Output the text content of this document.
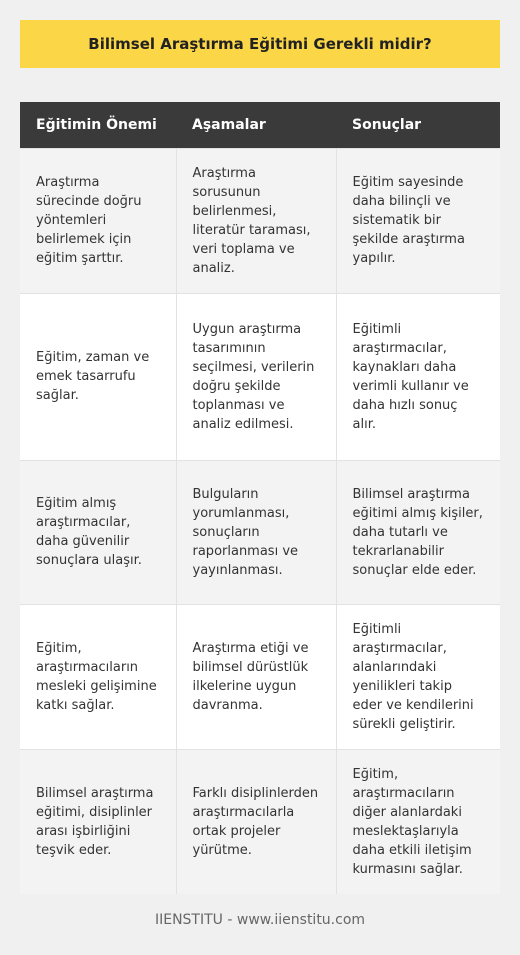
Bilimsel Araştırma Eğitimi Gerekli midir?
Eğitimin Önemi	Aşamalar	Sonuçlar
Araştırma sürecinde doğru yöntemleri belirlemek için eğitim şarttır.	Araştırma sorusunun belirlenmesi, literatür taraması, veri toplama ve analiz.	Eğitim sayesinde daha bilinçli ve sistematik bir şekilde araştırma yapılır.
Eğitim, zaman ve emek tasarrufu sağlar.	Uygun araştırma tasarımının seçilmesi, verilerin doğru şekilde toplanması ve analiz edilmesi.	Eğitimli araştırmacılar, kaynakları daha verimli kullanır ve daha hızlı sonuç alır.
Eğitim almış araştırmacılar, daha güvenilir sonuçlara ulaşır.	Bulguların yorumlanması, sonuçların raporlanması ve yayınlanması.	Bilimsel araştırma eğitimi almış kişiler, daha tutarlı ve tekrarlanabilir sonuçlar elde eder.
Eğitim, araştırmacıların mesleki gelişimine katkı sağlar.	Araştırma etiği ve bilimsel dürüstlük ilkelerine uygun davranma.	Eğitimli araştırmacılar, alanlarındaki yenilikleri takip eder ve kendilerini sürekli geliştirir.
Bilimsel araştırma eğitimi, disiplinler arası işbirliğini teşvik eder.	Farklı disiplinlerden araştırmacılarla ortak projeler yürütme.	Eğitim, araştırmacıların diğer alanlardaki meslektaşlarıyla daha etkili iletişim kurmasını sağlar.
IIENSTITU - www.iienstitu.com
